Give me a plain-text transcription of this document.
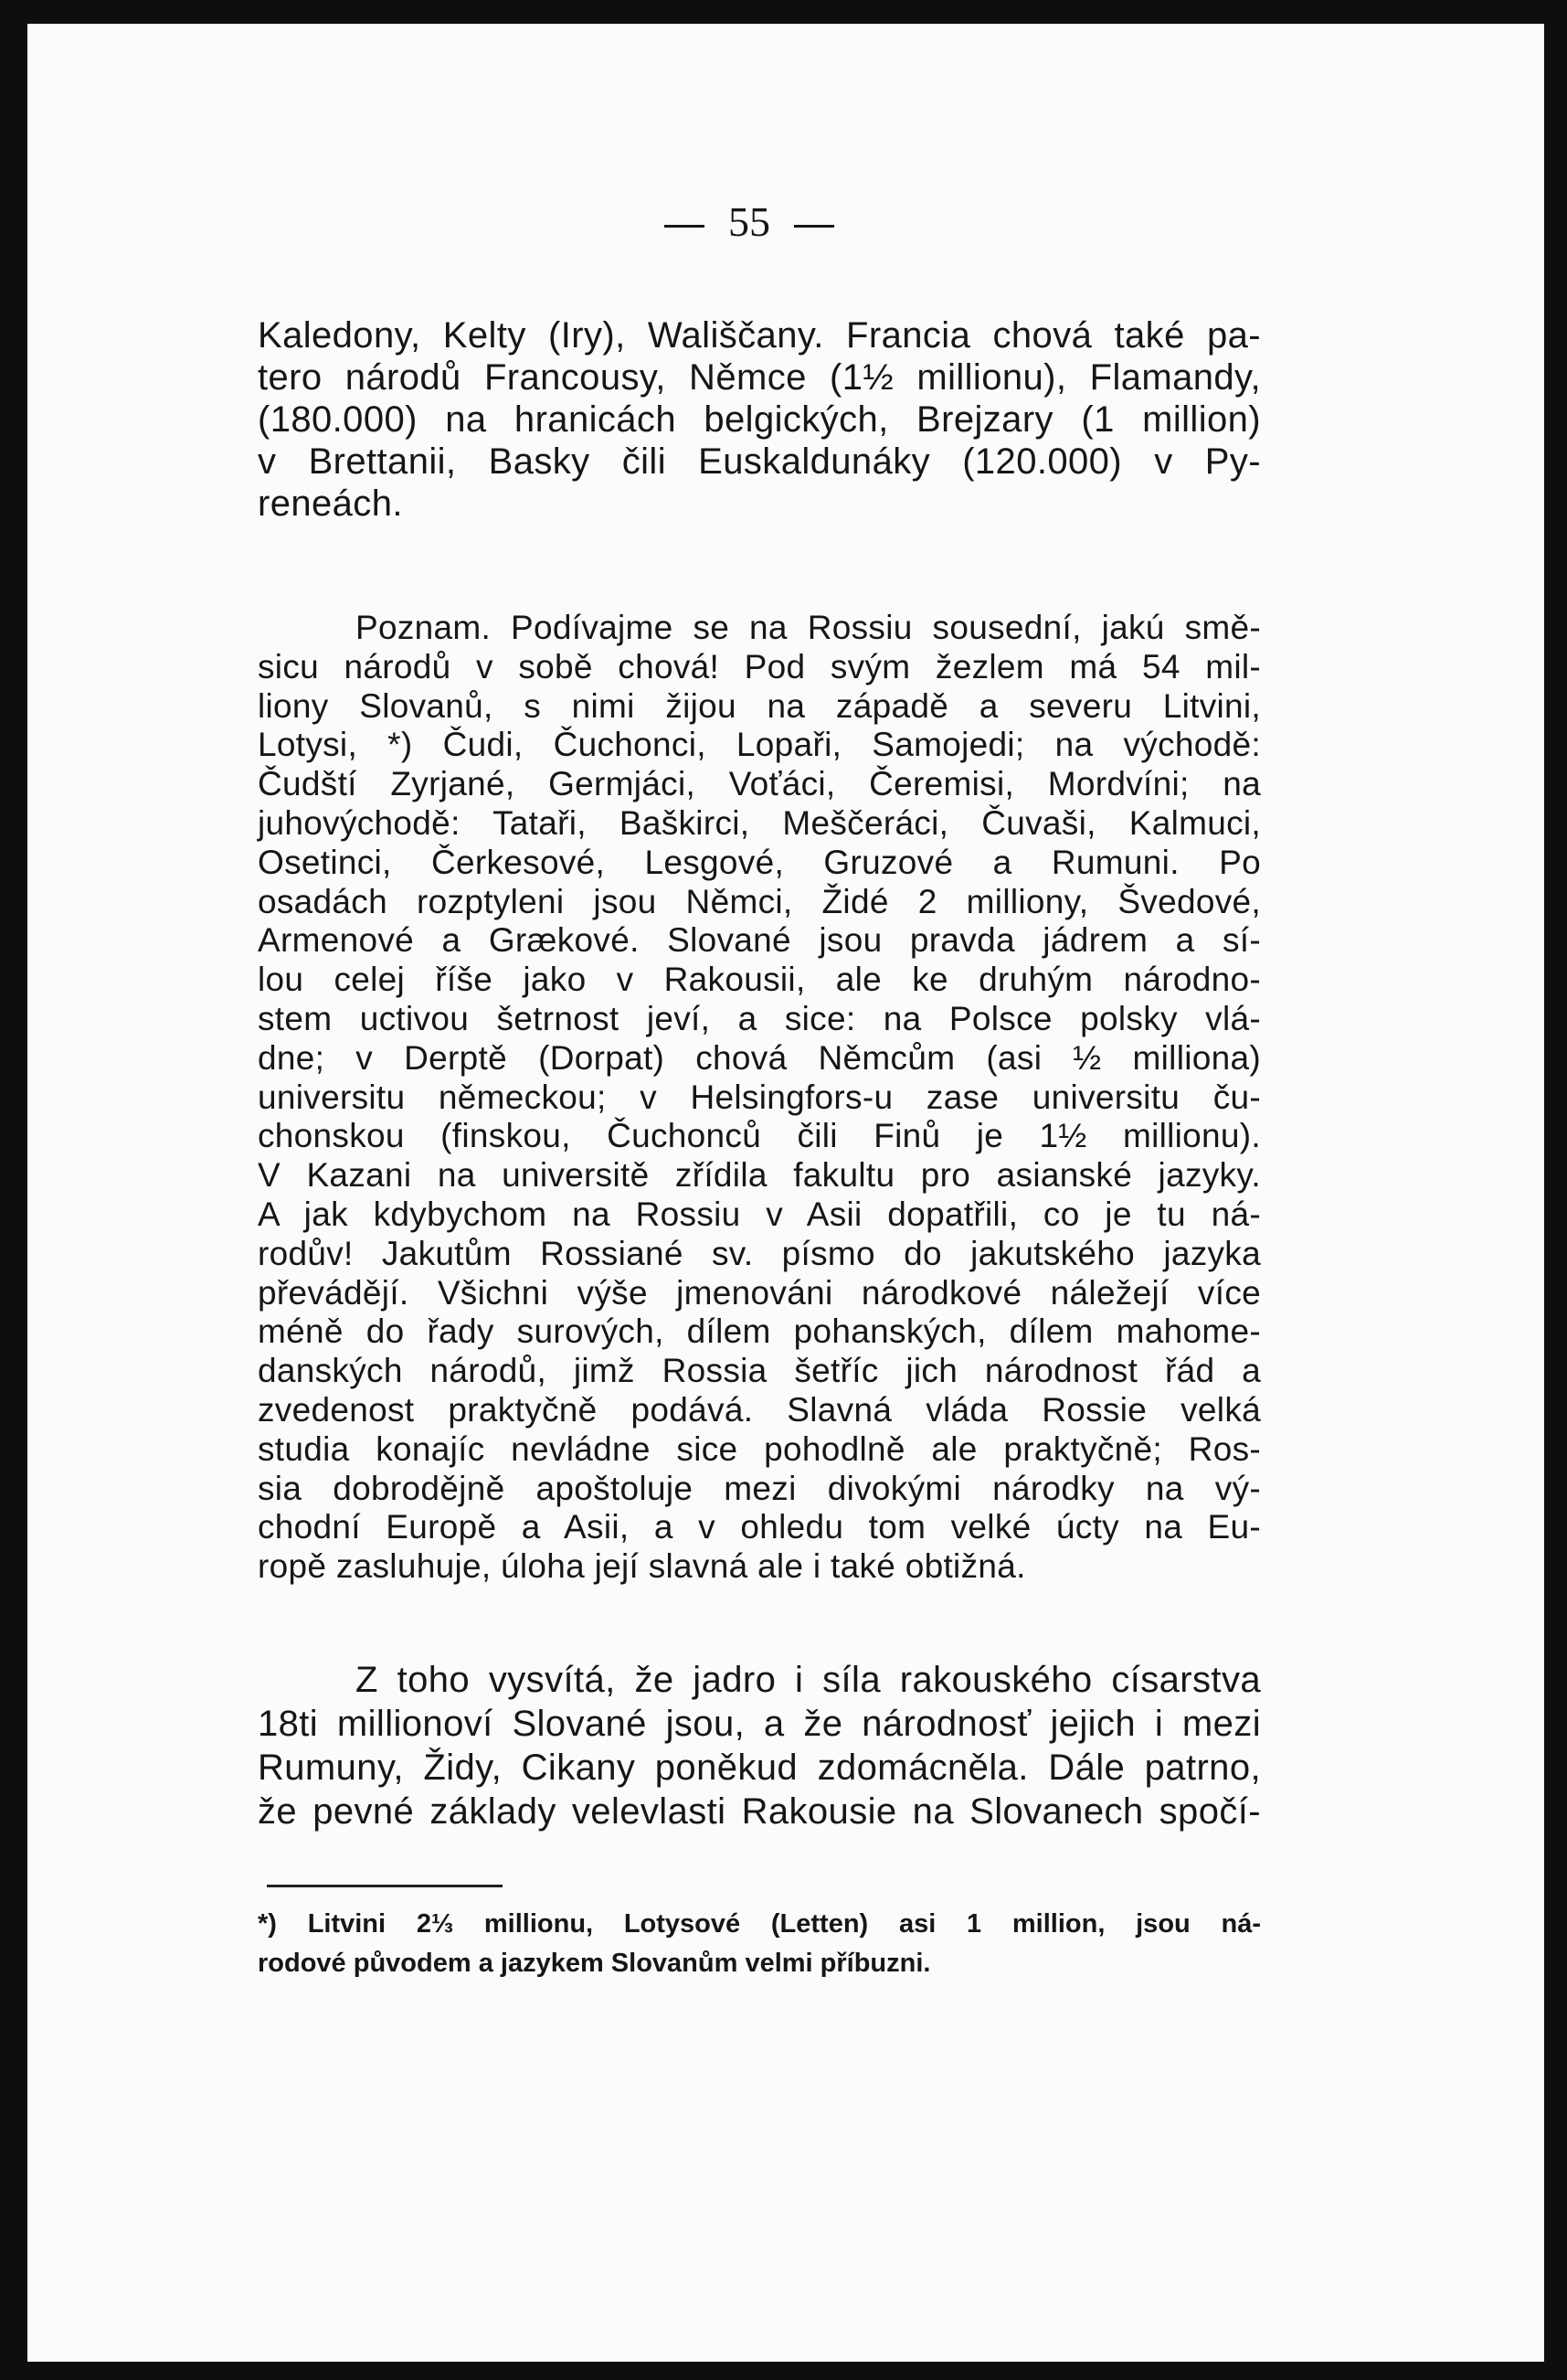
55
Kaledony, Kelty (Iry), Wališčany. Francia chová také pa-
tero národů Francousy, Němce (1½ millionu), Flamandy,
(180.000) na hranicách belgických, Brejzary (1 million)
v Brettanii, Basky čili Euskaldunáky (120.000) v Py-
reneách.
Poznam. Podívajme se na Rossiu sousední, jakú smě-
sicu národů v sobě chová! Pod svým žezlem má 54 mil-
liony Slovanů, s nimi žijou na západě a severu Litvini,
Lotysi, *) Čudi, Čuchonci, Lopaři, Samojedi; na východě:
Čudští Zyrjané, Germjáci, Voťáci, Čeremisi, Mordvíni; na
juhovýchodě: Tataři, Baškirci, Meščeráci, Čuvaši, Kalmuci,
Osetinci, Čerkesové, Lesgové, Gruzové a Rumuni. Po
osadách rozptyleni jsou Němci, Židé 2 milliony, Švedové,
Armenové a Grækové. Slované jsou pravda jádrem a sí-
lou celej říše jako v Rakousii, ale ke druhým národno-
stem uctivou šetrnost jeví, a sice: na Polsce polsky vlá-
dne; v Derptě (Dorpat) chová Němcům (asi ½ milliona)
universitu německou; v Helsingfors-u zase universitu ču-
chonskou (finskou, Čuchonců čili Finů je 1½ millionu).
V Kazani na universitě zřídila fakultu pro asianské jazyky.
A jak kdybychom na Rossiu v Asii dopatřili, co je tu ná-
rodův! Jakutům Rossiané sv. písmo do jakutského jazyka
převádějí. Všichni výše jmenováni národkové náležejí více
méně do řady surových, dílem pohanských, dílem mahome-
danských národů, jimž Rossia šetříc jich národnost řád a
zvedenost praktyčně podává. Slavná vláda Rossie velká
studia konajíc nevládne sice pohodlně ale praktyčně; Ros-
sia dobrodějně apoštoluje mezi divokými národky na vý-
chodní Europě a Asii, a v ohledu tom velké úcty na Eu-
ropě zasluhuje, úloha její slavná ale i také obtižná.
Z toho vysvítá, že jadro i síla rakouského císarstva
18ti millionoví Slované jsou, a že národnosť jejich i mezi
Rumuny, Židy, Cikany poněkud zdomácněla. Dále patrno,
že pevné základy velevlasti Rakousie na Slovanech spočí-
*) Litvini 2⅓ millionu, Lotysové (Letten) asi 1 million, jsou ná-
rodové původem a jazykem Slovanům velmi příbuzni.
